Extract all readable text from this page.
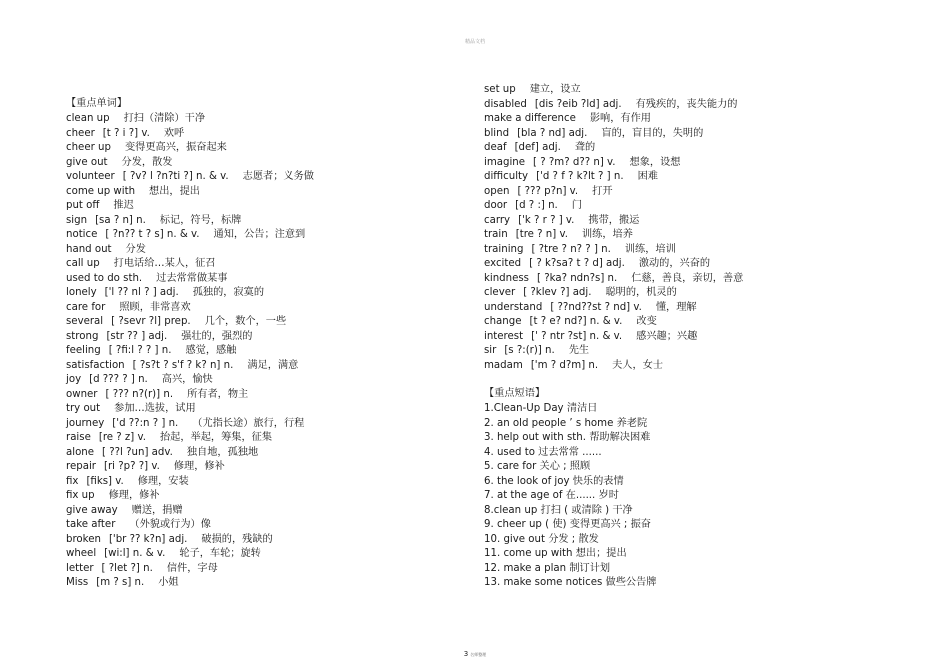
精品文档
【重点单词】
clean up 打扫（清除）干净
cheer [t ? i ?] v. 欢呼
cheer up 变得更高兴，振奋起来
give out 分发，散发
volunteer [ ?v? l ?n?ti ?] n. & v. 志愿者；义务做
come up with 想出，提出
put off 推迟
sign [sa ? n] n. 标记，符号，标牌
notice [ ?n?? t ? s] n. & v. 通知，公告；注意到
hand out 分发
call up 打电话给…某人，征召
used to do sth. 过去常常做某事
lonely ['l ?? nl ? ] adj. 孤独的，寂寞的
care for 照顾，非常喜欢
several [ ?sevr ?l] prep. 几个，数个，一些
strong [str ?? ] adj. 强壮的，强烈的
feeling [ ?fi:l ? ? ] n. 感觉，感触
satisfaction [ ?s?t ? s'f ? k? n] n. 满足，满意
joy [d ??? ? ] n. 高兴，愉快
owner [ ??? n?(r)] n. 所有者，物主
try out 参加…选拔，试用
journey ['d ??:n ? ] n. （尤指长途）旅行，行程
raise [re ? z] v. 抬起，举起，筹集，征集
alone [ ??l ?un] adv. 独自地，孤独地
repair [ri ?p? ?] v. 修理，修补
fix [fiks] v. 修理，安装
fix up 修理，修补
give away 赠送，捐赠
take after （外貌或行为）像
broken ['br ?? k?n] adj. 破损的，残缺的
wheel [wi:l] n. & v. 轮子，车轮；旋转
letter [ ?let ?] n. 信件，字母
Miss [m ? s] n. 小姐
set up 建立，设立
disabled [dis ?eib ?ld] adj. 有残疾的，丧失能力的
make a difference 影响，有作用
blind [bla ? nd] adj. 盲的，盲目的，失明的
deaf [def] adj. 聋的
imagine [ ? ?m? d?? n] v. 想象，设想
difficulty ['d ? f ? k?lt ? ] n. 困难
open [ ??? p?n] v. 打开
door [d ? :] n. 门
carry ['k ? r ? ] v. 携带，搬运
train [tre ? n] v. 训练，培养
training [ ?tre ? n? ? ] n. 训练，培训
excited [ ? k?sa? t ? d] adj. 激动的，兴奋的
kindness [ ?ka? ndn?s] n. 仁慈，善良，亲切，善意
clever [ ?klev ?] adj. 聪明的，机灵的
understand [ ??nd??st ? nd] v. 懂，理解
change [t ? e? nd?] n. & v. 改变
interest [' ? ntr ?st] n. & v. 感兴趣；兴趣
sir [s ?:(r)] n. 先生
madam ['m ? d?m] n. 夫人，女士
【重点短语】
1.Clean-Up Day 清洁日
2. an old people ’ s home 养老院
3. help out with sth. 帮助解决困难
4. used to 过去常常 ......
5. care for 关心 ; 照顾
6. the look of joy 快乐的表情
7. at the age of 在...... 岁时
8.clean up 打扫 ( 或清除 ) 干净
9. cheer up ( 使) 变得更高兴 ; 振奋
10. give out 分发 ; 散发
11. come up with 想出；提出
12. make a plan 制订计划
13. make some notices 做些公告牌
3 名师整理
